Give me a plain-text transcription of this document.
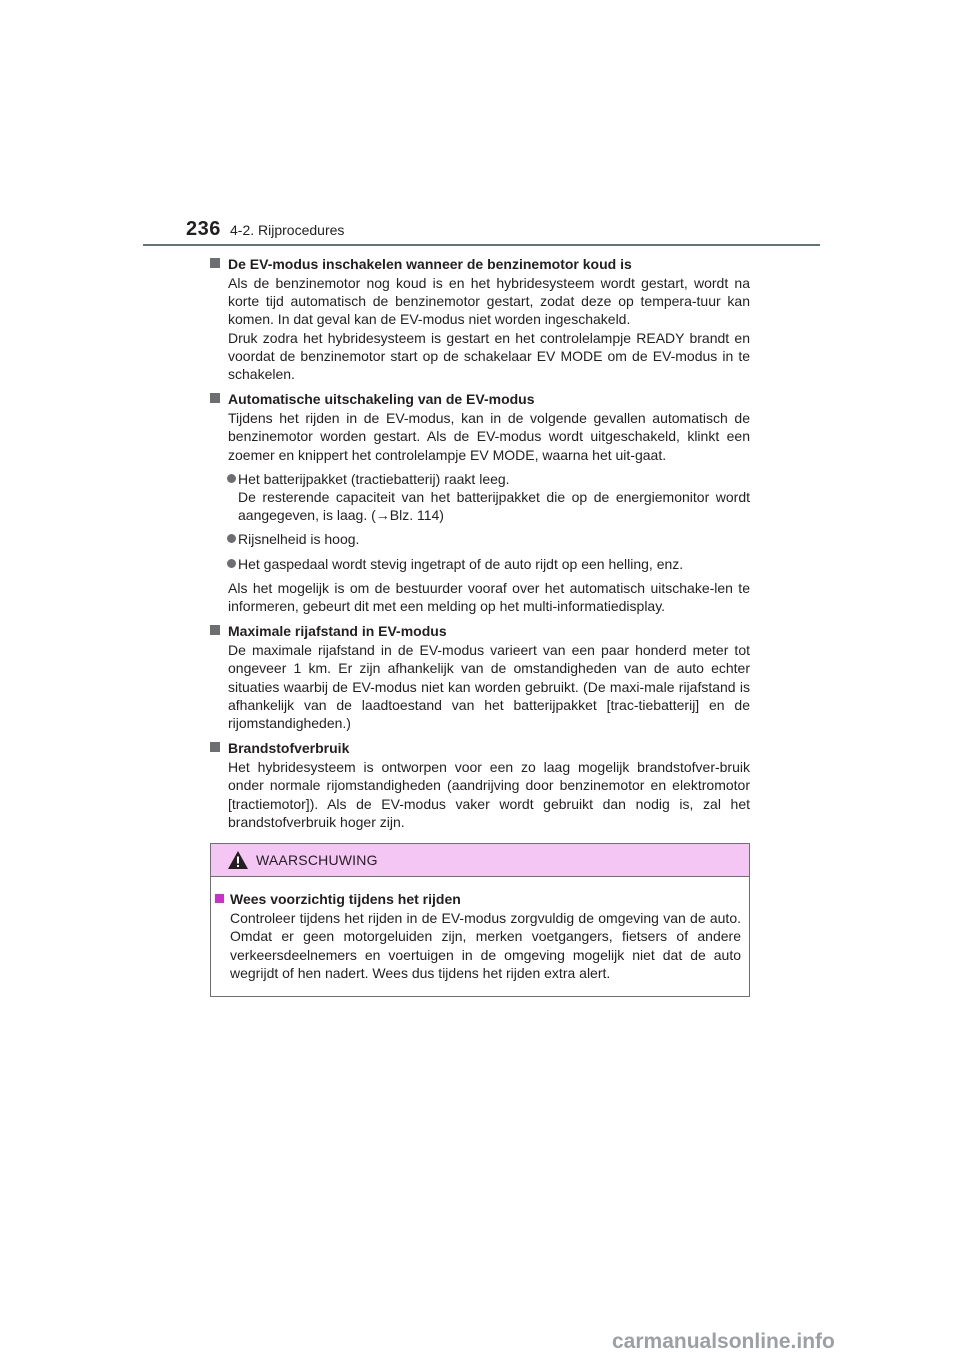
236 4-2. Rijprocedures
De EV-modus inschakelen wanneer de benzinemotor koud is

Als de benzinemotor nog koud is en het hybridesysteem wordt gestart, wordt na korte tijd automatisch de benzinemotor gestart, zodat deze op tempera-tuur kan komen. In dat geval kan de EV-modus niet worden ingeschakeld.

Druk zodra het hybridesysteem is gestart en het controlelampje READY brandt en voordat de benzinemotor start op de schakelaar EV MODE om de EV-modus in te schakelen.

Automatische uitschakeling van de EV-modus

Tijdens het rijden in de EV-modus, kan in de volgende gevallen automatisch de benzinemotor worden gestart. Als de EV-modus wordt uitgeschakeld, klinkt een zoemer en knippert het controlelampje EV MODE, waarna het uit-gaat.

Het batterijpakket (tractiebatterij) raakt leeg.
De resterende capaciteit van het batterijpakket die op de energiemonitor wordt aangegeven, is laag. (→Blz. 114)
Rijsnelheid is hoog.
Het gaspedaal wordt stevig ingetrapt of de auto rijdt op een helling, enz.

Als het mogelijk is om de bestuurder vooraf over het automatisch uitschake-len te informeren, gebeurt dit met een melding op het multi-informatiedisplay.

Maximale rijafstand in EV-modus

De maximale rijafstand in de EV-modus varieert van een paar honderd meter tot ongeveer 1 km. Er zijn afhankelijk van de omstandigheden van de auto echter situaties waarbij de EV-modus niet kan worden gebruikt. (De maxi-male rijafstand is afhankelijk van de laadtoestand van het batterijpakket [trac-tiebatterij] en de rijomstandigheden.)

Brandstofverbruik

Het hybridesysteem is ontworpen voor een zo laag mogelijk brandstofver-bruik onder normale rijomstandigheden (aandrijving door benzinemotor en elektromotor [tractiemotor]). Als de EV-modus vaker wordt gebruikt dan nodig is, zal het brandstofverbruik hoger zijn.

WAARSCHUWING
Wees voorzichtig tijdens het rijden

Controleer tijdens het rijden in de EV-modus zorgvuldig de omgeving van de auto. Omdat er geen motorgeluiden zijn, merken voetgangers, fietsers of andere verkeersdeelnemers en voertuigen in de omgeving mogelijk niet dat de auto wegrijdt of hen nadert. Wees dus tijdens het rijden extra alert.

carmanualsonline.info
